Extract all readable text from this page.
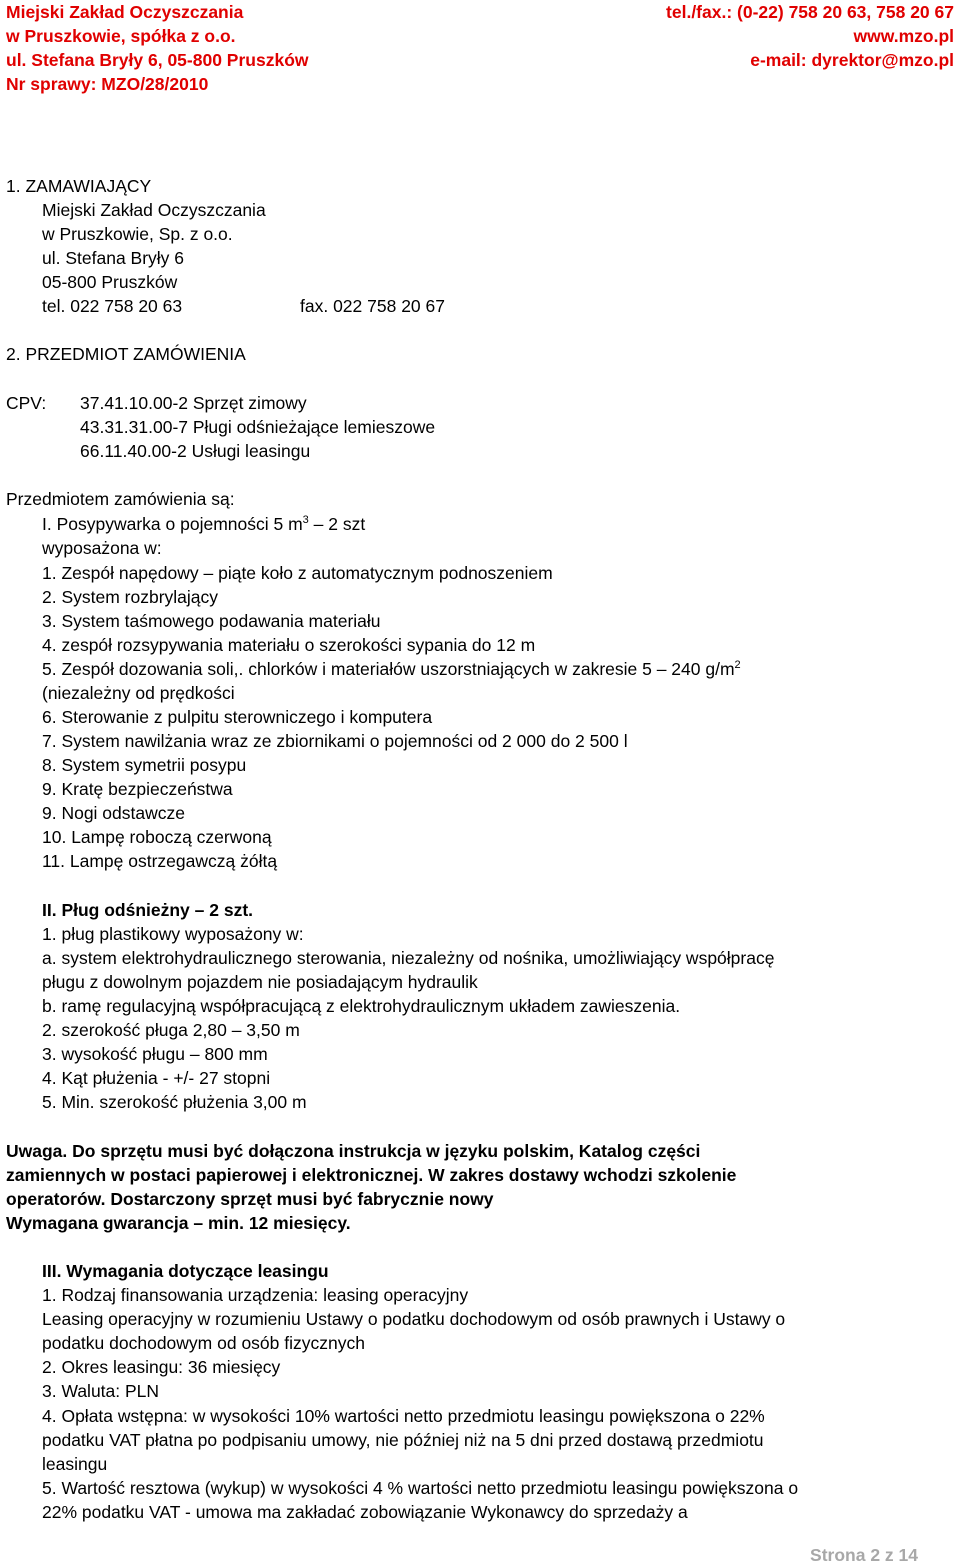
Miejski Zakład Oczyszczania
w Pruszkowie, spółka z o.o.
ul. Stefana Bryły 6, 05-800 Pruszków
Nr sprawy: MZO/28/2010
tel./fax.: (0-22) 758 20 63, 758 20 67
www.mzo.pl
e-mail: dyrektor@mzo.pl
1. ZAMAWIAJĄCY
Miejski Zakład Oczyszczania
w Pruszkowie, Sp. z o.o.
ul. Stefana Bryły 6
05-800 Pruszków
tel. 022 758 20 63	fax. 022 758 20 67
2. PRZEDMIOT ZAMÓWIENIA
CPV: 37.41.10.00-2 Sprzęt zimowy
43.31.31.00-7 Pługi odśnieżające lemieszowe
66.11.40.00-2 Usługi leasingu
Przedmiotem zamówienia są:
I. Posypywarka o pojemności 5 $m^3 - 2$ szt
wyposażona w:
1. Zespół napędowy – piąte koło z automatycznym podnoszeniem
2. System rozbrylający
3. System taśmowego podawania materiału
4. zespół rozsypywania materiału o szerokości sypania do 12 m
5. Zespół dozowania soli,. chlorków i materiałów uszorstniających w zakresie 5 – 240 $g/m^2$
(niezależny od prędkości
6. Sterowanie z pulpitu sterowniczego i komputera
7. System nawilżania wraz ze zbiornikami o pojemności od 2 000 do 2 500 l
8. System symetrii posypu
9. Kratę bezpieczeństwa
9. Nogi odstawcze
10. Lampę roboczą czerwoną
11. Lampę ostrzegawczą żółtą
II. Pług odśnieżny – 2 szt.
1. pług plastikowy wyposażony w:
a. system elektrohydraulicznego sterowania, niezależny od nośnika, umożliwiający współpracę
pługu z dowolnym pojazdem nie posiadającym hydraulik
b. ramę regulacyjną współpracującą z elektrohydraulicznym układem zawieszenia.
2. szerokość pługa 2,80 – 3,50 m
3. wysokość pługu – 800 mm
4. Kąt płużenia - +/- 27 stopni
5. Min. szerokość płużenia 3,00 m
Uwaga. Do sprzętu musi być dołączona instrukcja w języku polskim, Katalog części
zamiennych w postaci papierowej i elektronicznej. W zakres dostawy wchodzi szkolenie
operatorów. Dostarczony sprzęt musi być fabrycznie nowy
Wymagana gwarancja – min. 12 miesięcy.
III. Wymagania dotyczące leasingu
1. Rodzaj finansowania urządzenia: leasing operacyjny
Leasing operacyjny w rozumieniu Ustawy o podatku dochodowym od osób prawnych i Ustawy o
podatku dochodowym od osób fizycznych
2. Okres leasingu: 36 miesięcy
3. Waluta: PLN
4. Opłata wstępna: w wysokości 10% wartości netto przedmiotu leasingu powiększona o 22%
podatku VAT płatna po podpisaniu umowy, nie później niż na 5 dni przed dostawą przedmiotu
leasingu
5. Wartość resztowa (wykup) w wysokości 4 % wartości netto przedmiotu leasingu powiększona o
22% podatku VAT - umowa ma zakładać zobowiązanie Wykonawcy do sprzedaży a
Strona 2 z 14
